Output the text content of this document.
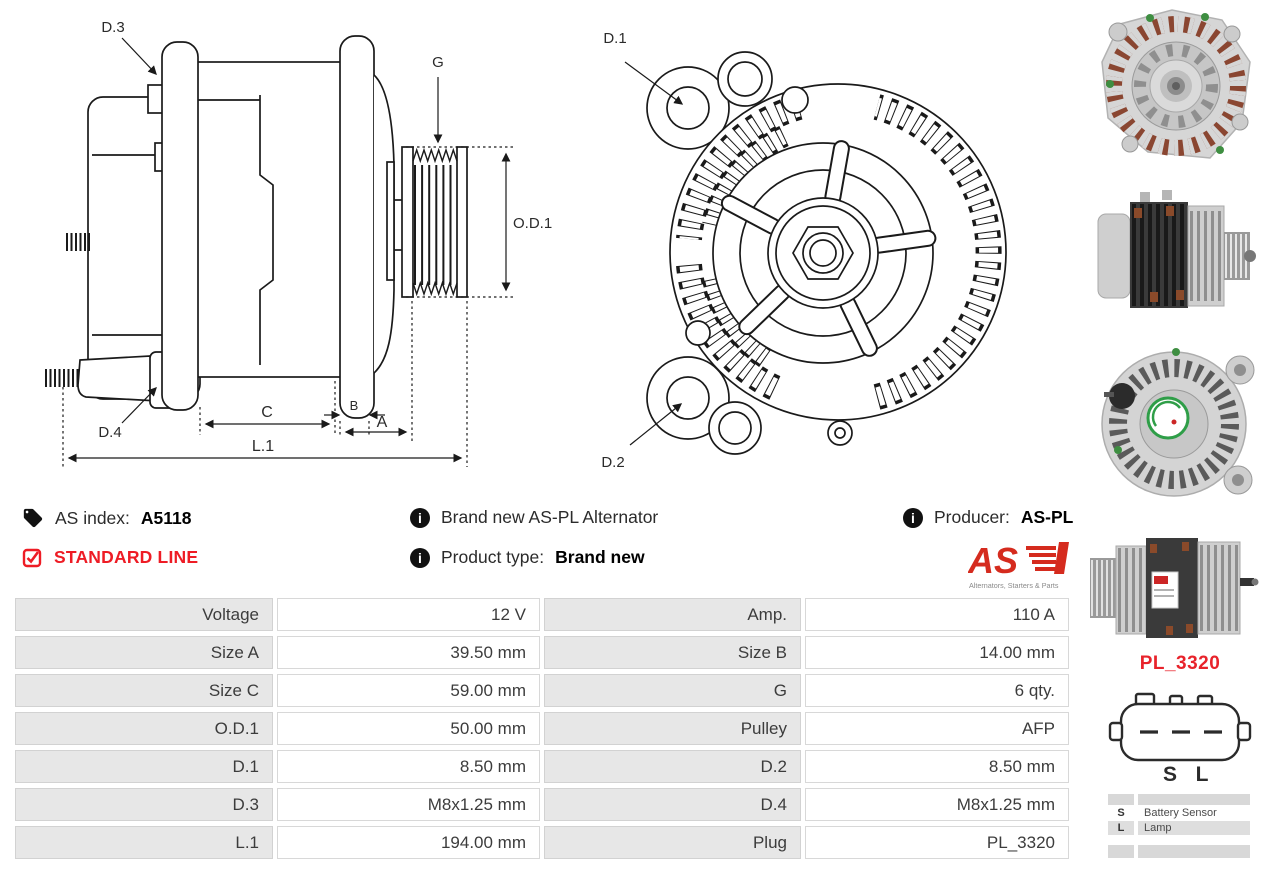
D.3
G
O.D.1
D.4
C	B
A
L.1
D.1
D.2
AS index: A5118
STANDARD LINE
i Brand new AS-PL Alternator
i Product type: Brand new
i Producer: AS-PL
AS
Alternators, Starters & Parts
Voltage	12 V	Amp.	110 A
Size A	39.50 mm	Size B	14.00 mm
Size C	59.00 mm	G	6 qty.
O.D.1	50.00 mm	Pulley	AFP
D.1	8.50 mm	D.2	8.50 mm
D.3	M8x1.25 mm	D.4	M8x1.25 mm
L.1	194.00 mm	Plug	PL_3320
PL_3320
S L
S	Battery Sensor
L	Lamp
